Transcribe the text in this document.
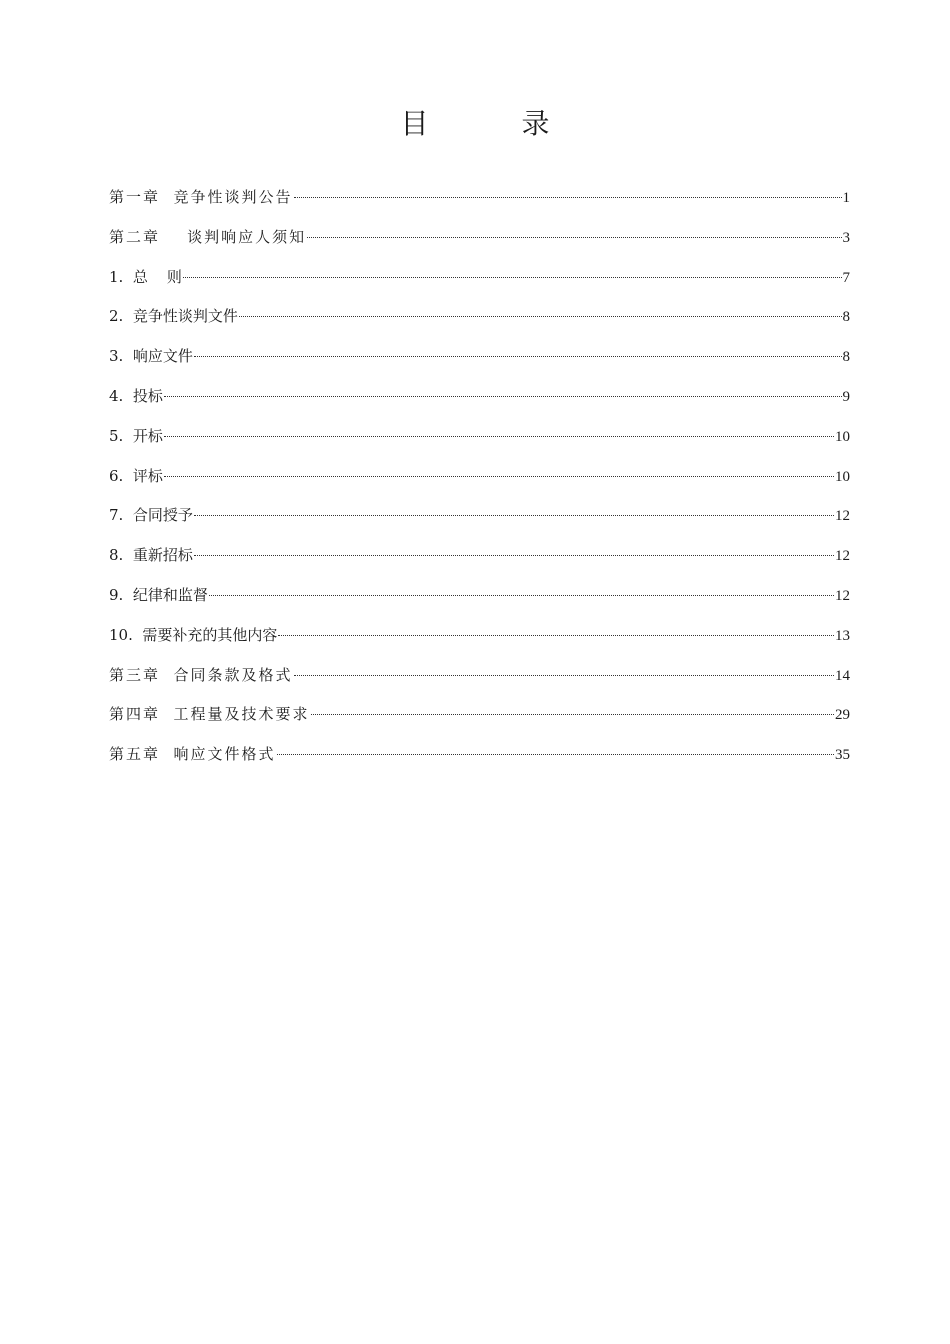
目 录
第一章  竞争性谈判公告	1
第二章    谈判响应人须知	3
1.  总    则	7
2.  竞争性谈判文件	8
3.  响应文件	8
4.  投标	9
5.  开标	10
6.  评标	10
7.  合同授予	12
8.  重新招标	12
9.  纪律和监督	12
10.  需要补充的其他内容	13
第三章  合同条款及格式	14
第四章  工程量及技术要求	29
第五章  响应文件格式	35
